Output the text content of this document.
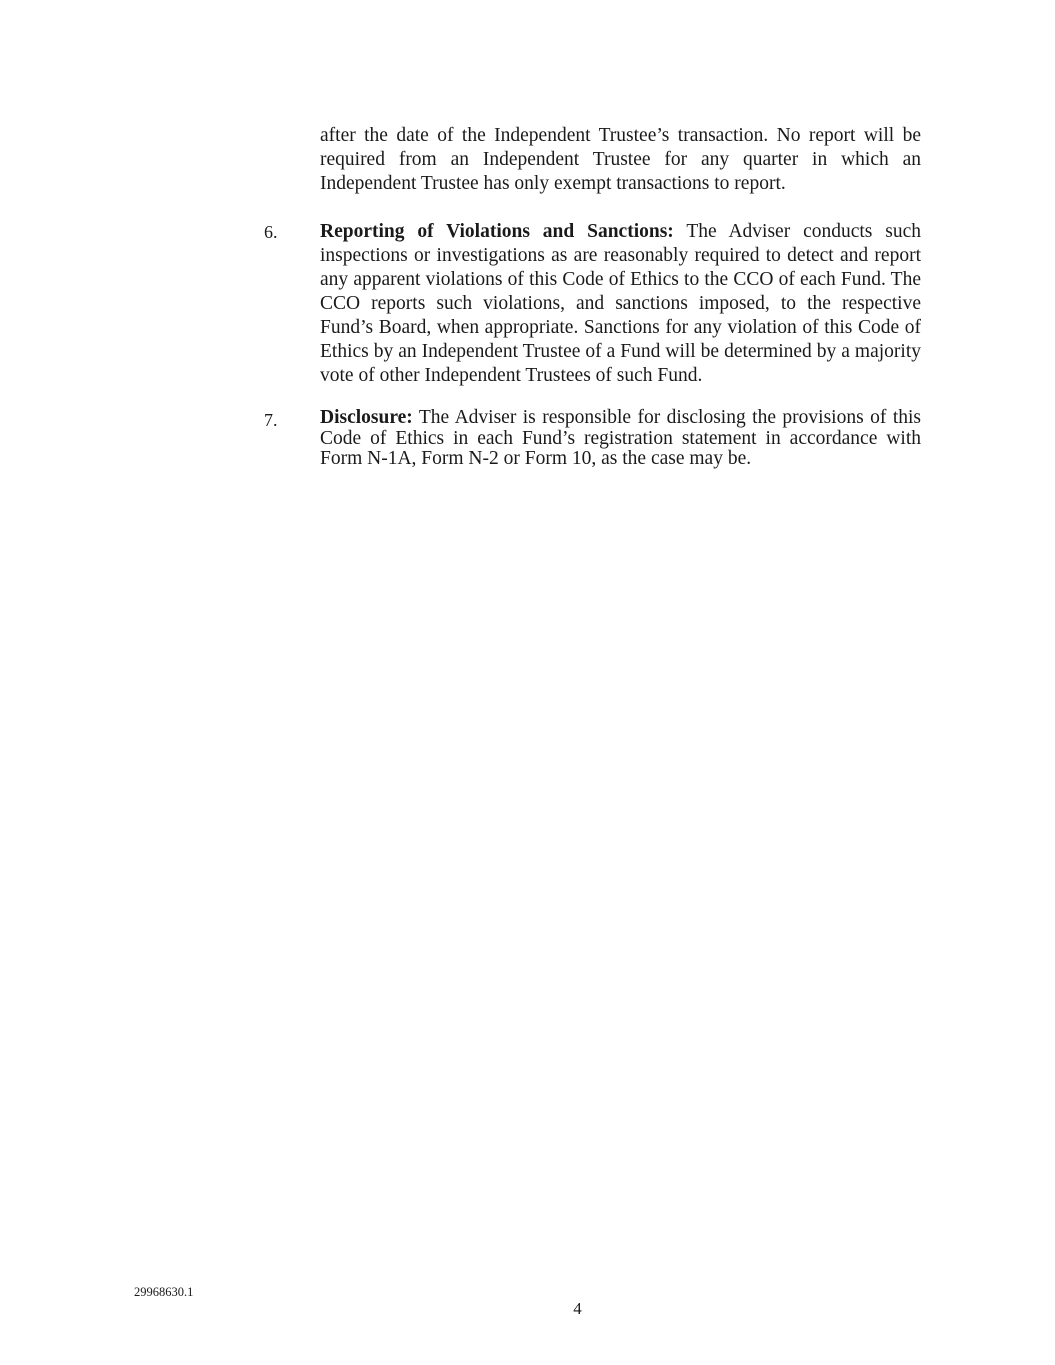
after the date of the Independent Trustee’s transaction. No report will be required from an Independent Trustee for any quarter in which an Independent Trustee has only exempt transactions to report.

6. Reporting of Violations and Sanctions: The Adviser conducts such inspections or investigations as are reasonably required to detect and report any apparent violations of this Code of Ethics to the CCO of each Fund. The CCO reports such violations, and sanctions imposed, to the respective Fund’s Board, when appropriate. Sanctions for any violation of this Code of Ethics by an Independent Trustee of a Fund will be determined by a majority vote of other Independent Trustees of such Fund.

7. Disclosure: The Adviser is responsible for disclosing the provisions of this Code of Ethics in each Fund’s registration statement in accordance with Form N-1A, Form N-2 or Form 10, as the case may be.

29968630.1
4
